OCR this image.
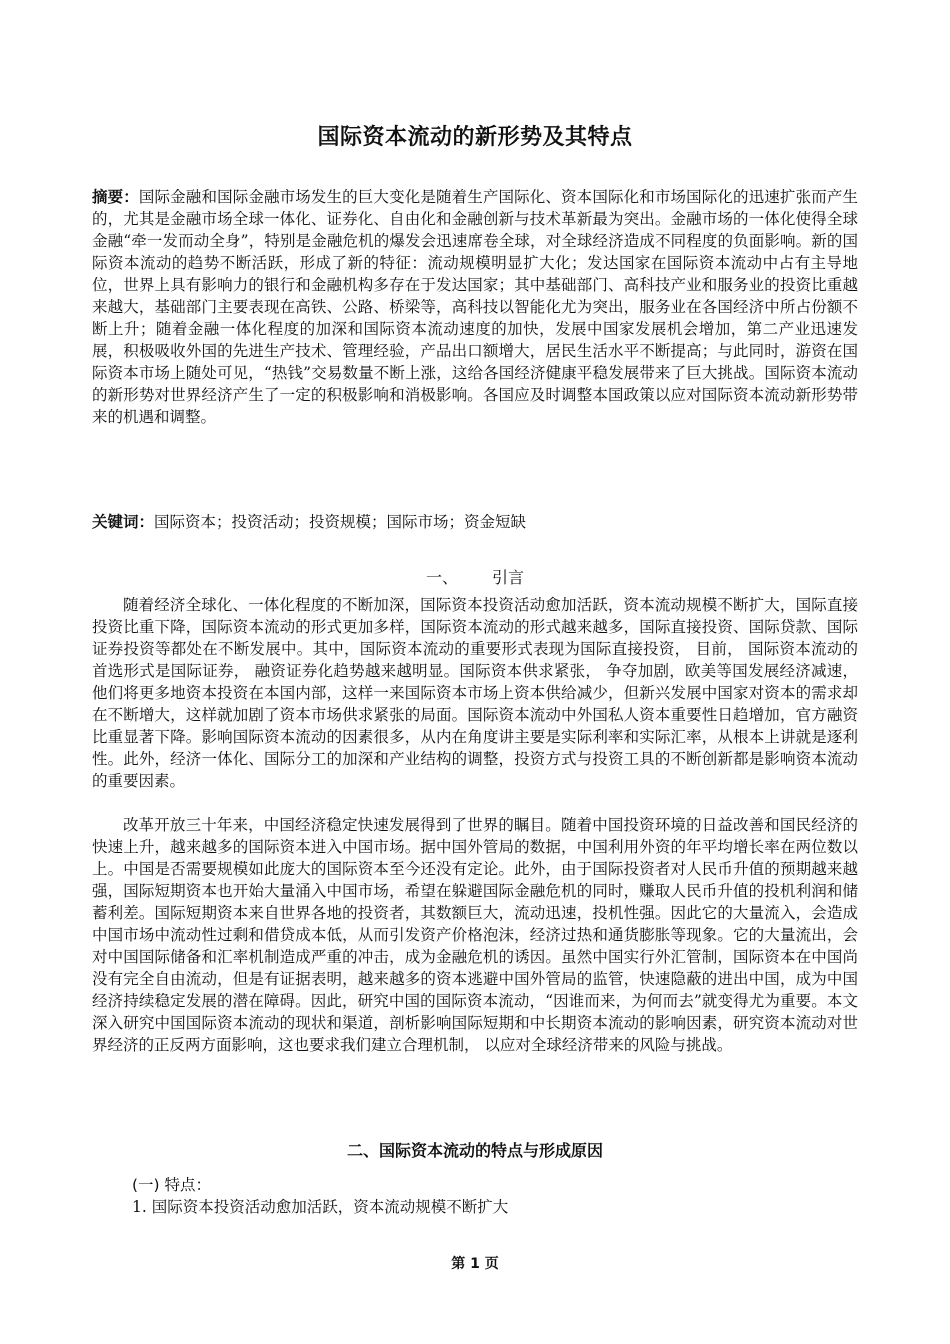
国际资本流动的新形势及其特点

摘要：国际金融和国际金融市场发生的巨大变化是随着生产国际化、资本国际化和市场国际化的迅速扩张而产生的，尤其是金融市场全球一体化、证券化、自由化和金融创新与技术革新最为突出。金融市场的一体化使得全球金融“牵一发而动全身”，特别是金融危机的爆发会迅速席卷全球，对全球经济造成不同程度的负面影响。新的国际资本流动的趋势不断活跃，形成了新的特征：流动规模明显扩大化；发达国家在国际资本流动中占有主导地位，世界上具有影响力的银行和金融机构多存在于发达国家；其中基础部门、高科技产业和服务业的投资比重越来越大，基础部门主要表现在高铁、公路、桥梁等，高科技以智能化尤为突出，服务业在各国经济中所占份额不断上升；随着金融一体化程度的加深和国际资本流动速度的加快，发展中国家发展机会增加，第二产业迅速发展，积极吸收外国的先进生产技术、管理经验，产品出口额增大，居民生活水平不断提高；与此同时，游资在国际资本市场上随处可见，“热钱”交易数量不断上涨，这给各国经济健康平稳发展带来了巨大挑战。国际资本流动的新形势对世界经济产生了一定的积极影响和消极影响。各国应及时调整本国政策以应对国际资本流动新形势带来的机遇和调整。

关键词：国际资本；投资活动；投资规模；国际市场；资金短缺

一、 引言

随着经济全球化、一体化程度的不断加深，国际资本投资活动愈加活跃，资本流动规模不断扩大，国际直接投资比重下降，国际资本流动的形式更加多样，国际资本流动的形式越来越多，国际直接投资、国际贷款、国际证券投资等都处在不断发展中。其中，国际资本流动的重要形式表现为国际直接投资， 目前， 国际资本流动的首选形式是国际证券， 融资证券化趋势越来越明显。国际资本供求紧张， 争夺加剧，欧美等国发展经济减速，他们将更多地资本投资在本国内部，这样一来国际资本市场上资本供给减少，但新兴发展中国家对资本的需求却在不断增大，这样就加剧了资本市场供求紧张的局面。国际资本流动中外国私人资本重要性日趋增加，官方融资比重显著下降。影响国际资本流动的因素很多，从内在角度讲主要是实际利率和实际汇率，从根本上讲就是逐利性。此外，经济一体化、国际分工的加深和产业结构的调整，投资方式与投资工具的不断创新都是影响资本流动的重要因素。

改革开放三十年来，中国经济稳定快速发展得到了世界的瞩目。随着中国投资环境的日益改善和国民经济的快速上升，越来越多的国际资本进入中国市场。据中国外管局的数据，中国利用外资的年平均增长率在两位数以上。中国是否需要规模如此庞大的国际资本至今还没有定论。此外，由于国际投资者对人民币升值的预期越来越强，国际短期资本也开始大量涌入中国市场，希望在躲避国际金融危机的同时，赚取人民币升值的投机利润和储蓄利差。国际短期资本来自世界各地的投资者，其数额巨大，流动迅速，投机性强。因此它的大量流入，会造成中国市场中流动性过剩和借贷成本低，从而引发资产价格泡沫，经济过热和通货膨胀等现象。它的大量流出，会对中国国际储备和汇率机制造成严重的冲击，成为金融危机的诱因。虽然中国实行外汇管制，国际资本在中国尚没有完全自由流动，但是有证据表明，越来越多的资本逃避中国外管局的监管，快速隐蔽的进出中国，成为中国经济持续稳定发展的潜在障碍。因此，研究中国的国际资本流动，“因谁而来，为何而去”就变得尤为重要。本文深入研究中国国际资本流动的现状和渠道，剖析影响国际短期和中长期资本流动的影响因素，研究资本流动对世界经济的正反两方面影响，这也要求我们建立合理机制， 以应对全球经济带来的风险与挑战。

二、国际资本流动的特点与形成原因
(一) 特点：
1. 国际资本投资活动愈加活跃，资本流动规模不断扩大
第 1 页
